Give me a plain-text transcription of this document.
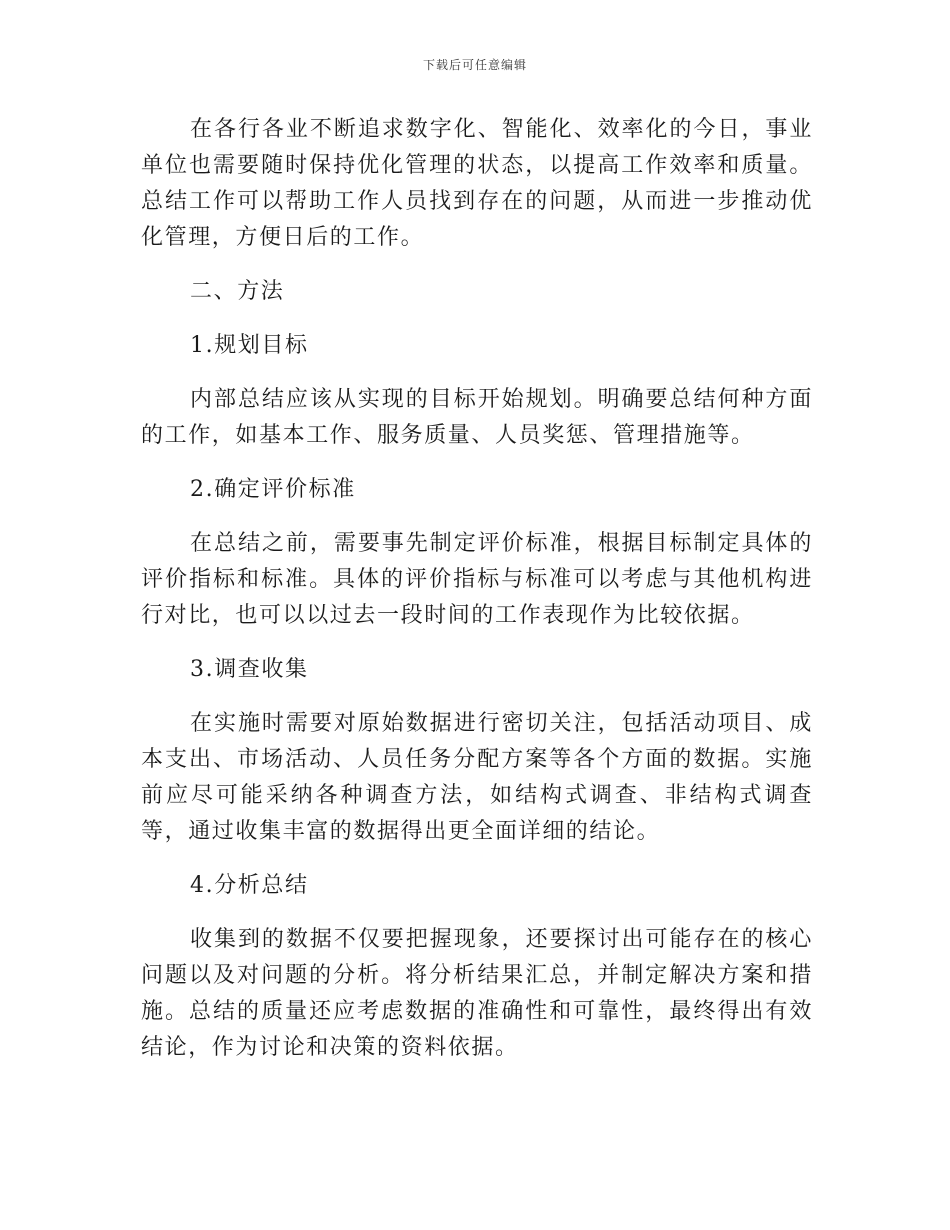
下载后可任意编辑

在各行各业不断追求数字化、智能化、效率化的今日，事业单位也需要随时保持优化管理的状态，以提高工作效率和质量。总结工作可以帮助工作人员找到存在的问题，从而进一步推动优化管理，方便日后的工作。

二、方法

1.规划目标

内部总结应该从实现的目标开始规划。明确要总结何种方面的工作，如基本工作、服务质量、人员奖惩、管理措施等。

2.确定评价标准

在总结之前，需要事先制定评价标准，根据目标制定具体的评价指标和标准。具体的评价指标与标准可以考虑与其他机构进行对比，也可以以过去一段时间的工作表现作为比较依据。

3.调查收集

在实施时需要对原始数据进行密切关注，包括活动项目、成本支出、市场活动、人员任务分配方案等各个方面的数据。实施前应尽可能采纳各种调查方法，如结构式调查、非结构式调查等，通过收集丰富的数据得出更全面详细的结论。

4.分析总结

收集到的数据不仅要把握现象，还要探讨出可能存在的核心问题以及对问题的分析。将分析结果汇总，并制定解决方案和措施。总结的质量还应考虑数据的准确性和可靠性，最终得出有效结论，作为讨论和决策的资料依据。
